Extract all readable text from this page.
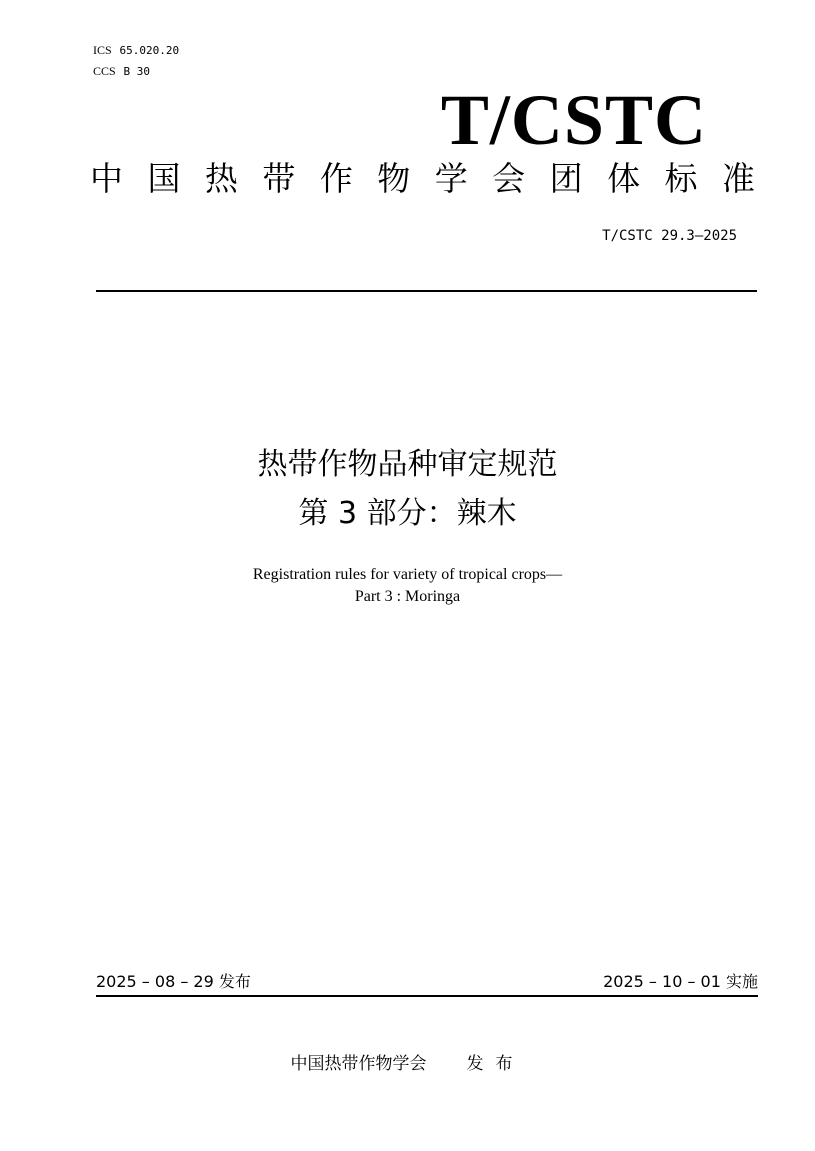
ICS 65.020.20
CCS B 30
T/CSTC
中 国 热 带 作 物 学 会 团 体 标 准
T/CSTC 29.3—2025
热带作物品种审定规范
第 3 部分：辣木
Registration rules for variety of tropical crops—
Part 3 : Moringa
2025 – 08 – 29 发布	2025 – 10 – 01 实施
中国热带作物学会 发布
